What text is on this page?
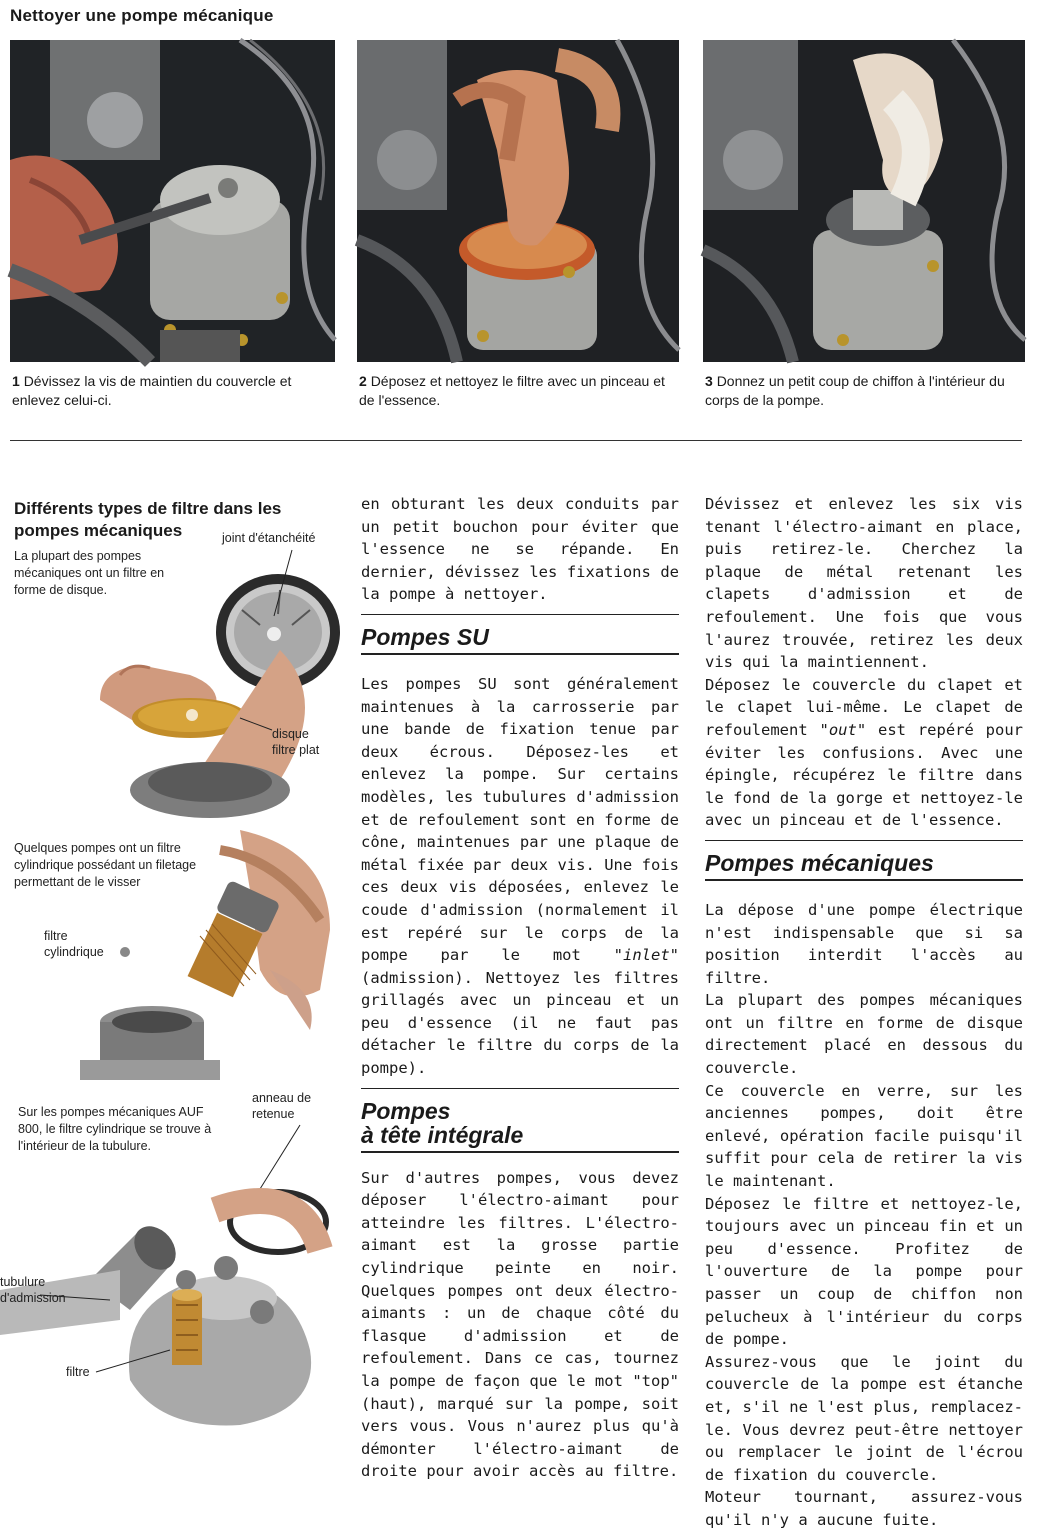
Nettoyer une pompe mécanique
1 Dévissez la vis de maintien du couvercle et enlevez celui-ci.
2 Déposez et nettoyez le filtre avec un pinceau et de l'essence.
3 Donnez un petit coup de chiffon à l'intérieur du corps de la pompe.
Différents types de filtre dans les pompes mécaniques
La plupart des pompes mécaniques ont un filtre en forme de disque.
joint d'étanchéité
disque filtre plat
Quelques pompes ont un filtre cylindrique possédant un filetage permettant de le visser
filtre cylindrique
Sur les pompes mécaniques AUF 800, le filtre cylindrique se trouve à l'intérieur de la tubulure.
anneau de retenue
tubulure d'admission
filtre

en obturant les deux conduits par un petit bouchon pour éviter que l'essence ne se répande. En dernier, dévissez les fixations de la pompe à nettoyer.

Pompes SU

Les pompes SU sont généralement maintenues à la carrosserie par une bande de fixation tenue par deux écrous. Déposez-les et enlevez la pompe. Sur certains modèles, les tubulures d'admission et de refoulement sont en forme de cône, maintenues par une plaque de métal fixée par deux vis. Une fois ces deux vis déposées, enlevez le coude d'admission (normalement il est repéré sur le corps de la pompe par le mot "inlet" (admission). Nettoyez les filtres grillagés avec un pinceau et un peu d'essence (il ne faut pas détacher le filtre du corps de la pompe).

Pompes
à tête intégrale

Sur d'autres pompes, vous devez déposer l'électro-aimant pour atteindre les filtres. L'électro-aimant est la grosse partie cylindrique peinte en noir. Quelques pompes ont deux électro-aimants : un de chaque côté du flasque d'admission et de refoulement. Dans ce cas, tournez la pompe de façon que le mot "top" (haut), marqué sur la pompe, soit vers vous. Vous n'aurez plus qu'à démonter l'électro-aimant de droite pour avoir accès au filtre.

Dévissez et enlevez les six vis tenant l'électro-aimant en place, puis retirez-le. Cherchez la plaque de métal retenant les clapets d'admission et de refoulement. Une fois que vous l'aurez trouvée, retirez les deux vis qui la maintiennent.

Déposez le couvercle du clapet et le clapet lui-même. Le clapet de refoulement "out" est repéré pour éviter les confusions. Avec une épingle, récupérez le filtre dans le fond de la gorge et nettoyez-le avec un pinceau et de l'essence.

Pompes mécaniques

La dépose d'une pompe électrique n'est indispensable que si sa position interdit l'accès au filtre.

La plupart des pompes mécaniques ont un filtre en forme de disque directement placé en dessous du couvercle.

Ce couvercle en verre, sur les anciennes pompes, doit être enlevé, opération facile puisqu'il suffit pour cela de retirer la vis le maintenant.

Déposez le filtre et nettoyez-le, toujours avec un pinceau fin et un peu d'essence. Profitez de l'ouverture de la pompe pour passer un coup de chiffon non pelucheux à l'intérieur du corps de pompe.

Assurez-vous que le joint du couvercle de la pompe est étanche et, s'il ne l'est plus, remplacez-le. Vous devrez peut-être nettoyer ou remplacer le joint de l'écrou de fixation du couvercle.

Moteur tournant, assurez-vous qu'il n'y a aucune fuite.
